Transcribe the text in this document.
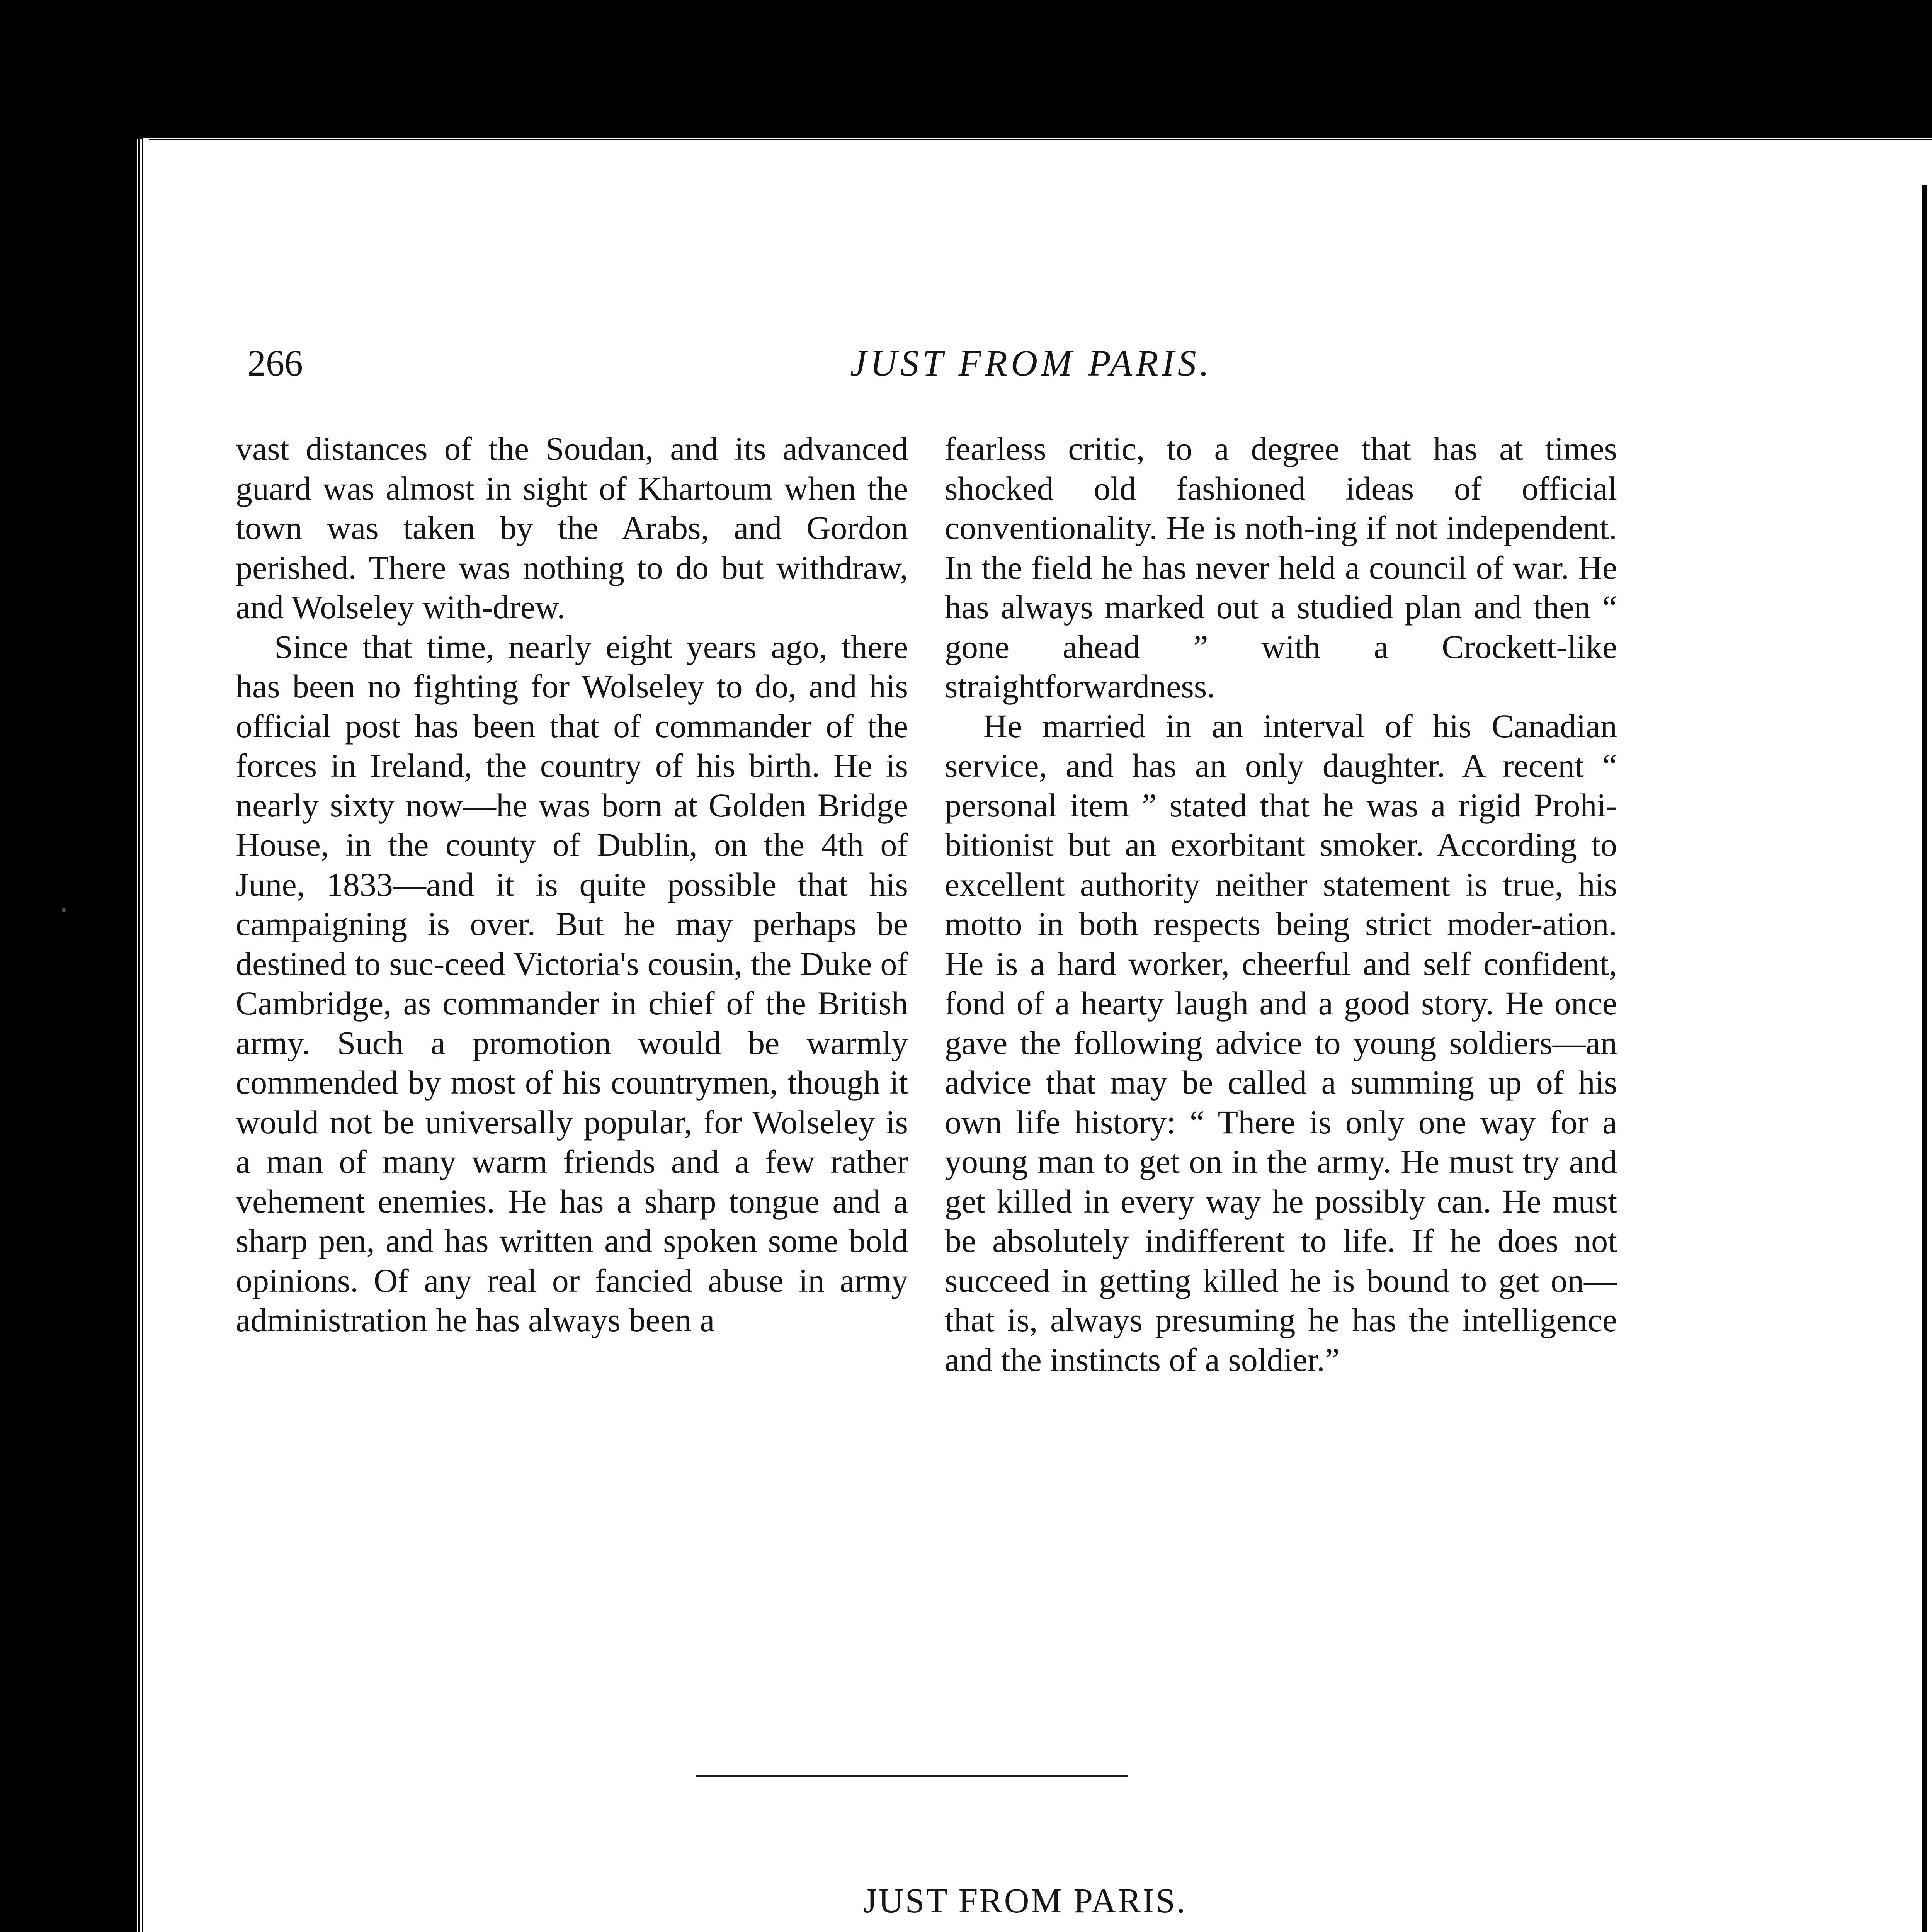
266	JUST FROM PARIS.

vast distances of the Soudan, and its advanced guard was almost in sight of Khartoum when the town was taken by the Arabs, and Gordon perished. There was nothing to do but withdraw, and Wolseley with-drew.

Since that time, nearly eight years ago, there has been no fighting for Wolseley to do, and his official post has been that of commander of the forces in Ireland, the country of his birth. He is nearly sixty now—he was born at Golden Bridge House, in the county of Dublin, on the 4th of June, 1833—and it is quite possible that his campaigning is over. But he may perhaps be destined to suc-ceed Victoria's cousin, the Duke of Cambridge, as commander in chief of the British army. Such a promotion would be warmly commended by most of his countrymen, though it would not be universally popular, for Wolseley is a man of many warm friends and a few rather vehement enemies. He has a sharp tongue and a sharp pen, and has written and spoken some bold opinions. Of any real or fancied abuse in army administration he has always been a

fearless critic, to a degree that has at times shocked old fashioned ideas of official conventionality. He is noth-ing if not independent. In the field he has never held a council of war. He has always marked out a studied plan and then “ gone ahead ” with a Crockett-like straightforwardness.

He married in an interval of his Canadian service, and has an only daughter. A recent “ personal item ” stated that he was a rigid Prohi-bitionist but an exorbitant smoker. According to excellent authority neither statement is true, his motto in both respects being strict moder-ation. He is a hard worker, cheerful and self confident, fond of a hearty laugh and a good story. He once gave the following advice to young soldiers—an advice that may be called a summing up of his own life history: “ There is only one way for a young man to get on in the army. He must try and get killed in every way he possibly can. He must be absolutely indifferent to life. If he does not succeed in getting killed he is bound to get on—that is, always presuming he has the intelligence and the instincts of a soldier.”

JUST FROM PARIS.
